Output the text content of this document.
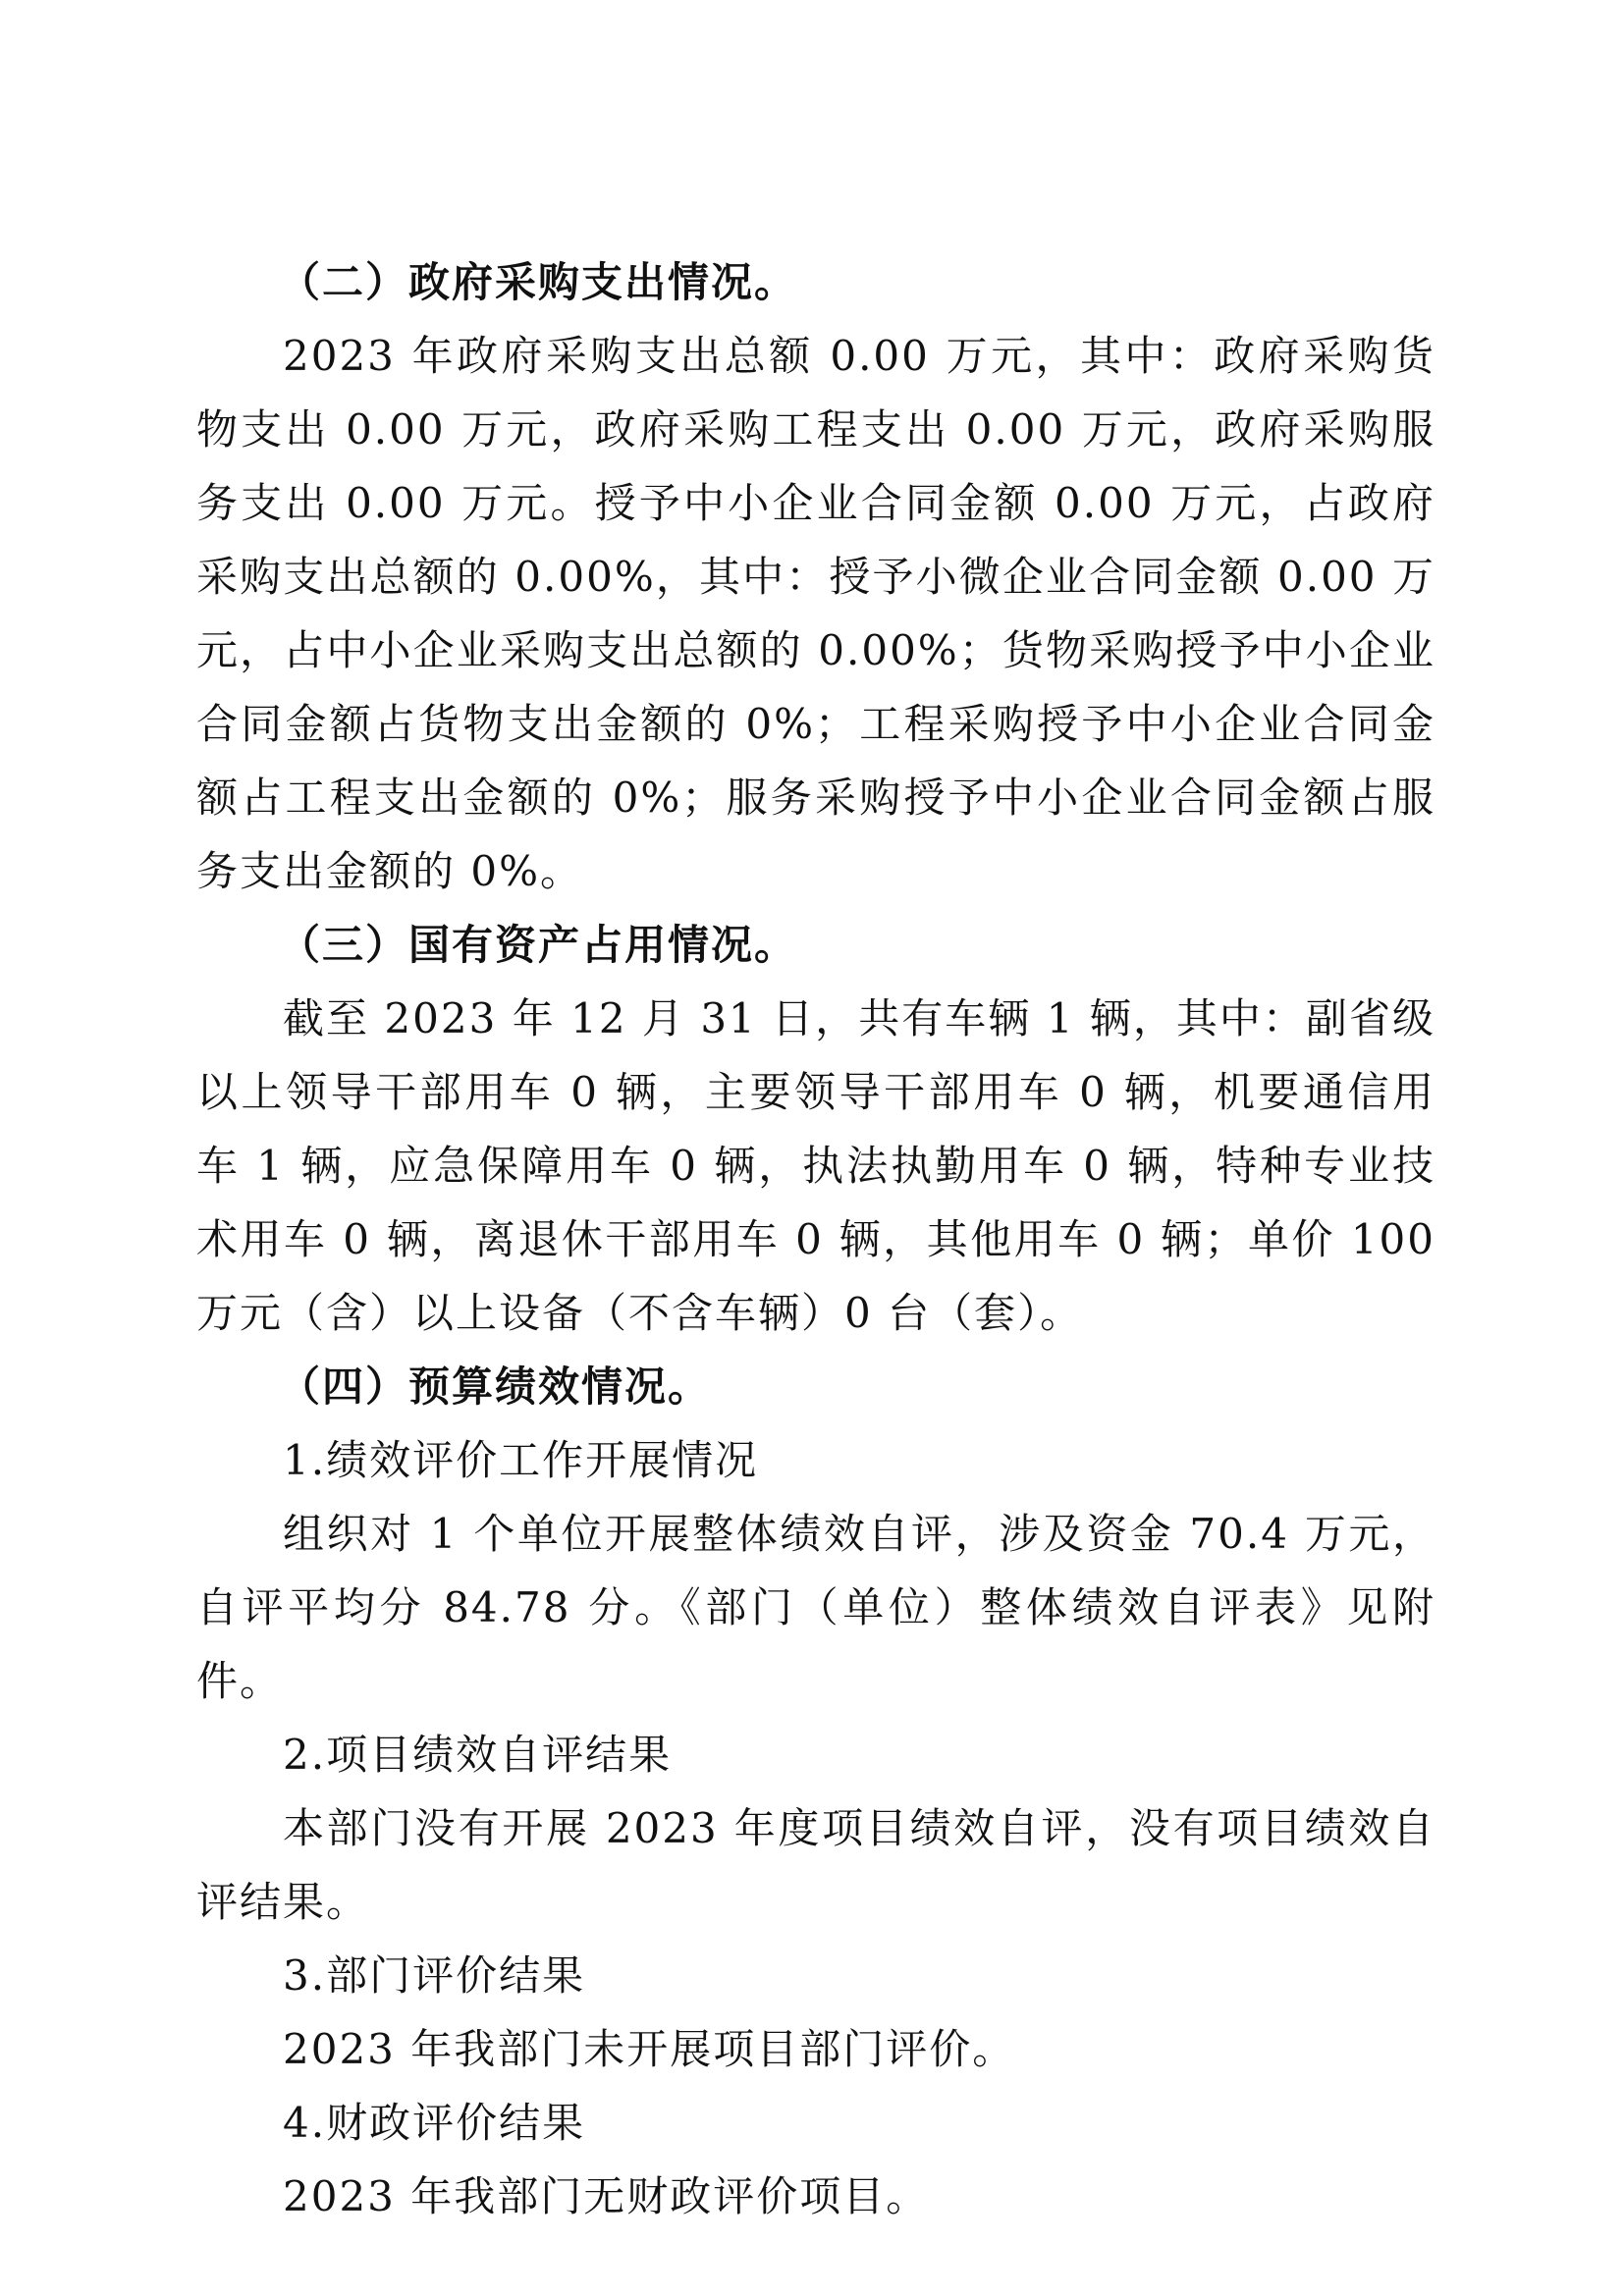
（二）政府采购支出情况。

2023 年政府采购支出总额 0.00 万元，其中：政府采购货物支出 0.00 万元，政府采购工程支出 0.00 万元，政府采购服务支出 0.00 万元。授予中小企业合同金额 0.00 万元，占政府采购支出总额的 0.00%，其中：授予小微企业合同金额 0.00 万元，占中小企业采购支出总额的 0.00%；货物采购授予中小企业合同金额占货物支出金额的 0%；工程采购授予中小企业合同金额占工程支出金额的 0%；服务采购授予中小企业合同金额占服务支出金额的 0%。

（三）国有资产占用情况。

截至 2023 年 12 月 31 日，共有车辆 1 辆，其中：副省级以上领导干部用车 0 辆，主要领导干部用车 0 辆，机要通信用车 1 辆，应急保障用车 0 辆，执法执勤用车 0 辆，特种专业技术用车 0 辆，离退休干部用车 0 辆，其他用车 0 辆；单价 100 万元（含）以上设备（不含车辆）0 台（套）。

（四）预算绩效情况。

1.绩效评价工作开展情况

组织对 1 个单位开展整体绩效自评，涉及资金 70.4 万元，自评平均分 84.78 分。《部门（单位）整体绩效自评表》见附件。

2.项目绩效自评结果

本部门没有开展 2023 年度项目绩效自评，没有项目绩效自评结果。

3.部门评价结果

2023 年我部门未开展项目部门评价。

4.财政评价结果

2023 年我部门无财政评价项目。
